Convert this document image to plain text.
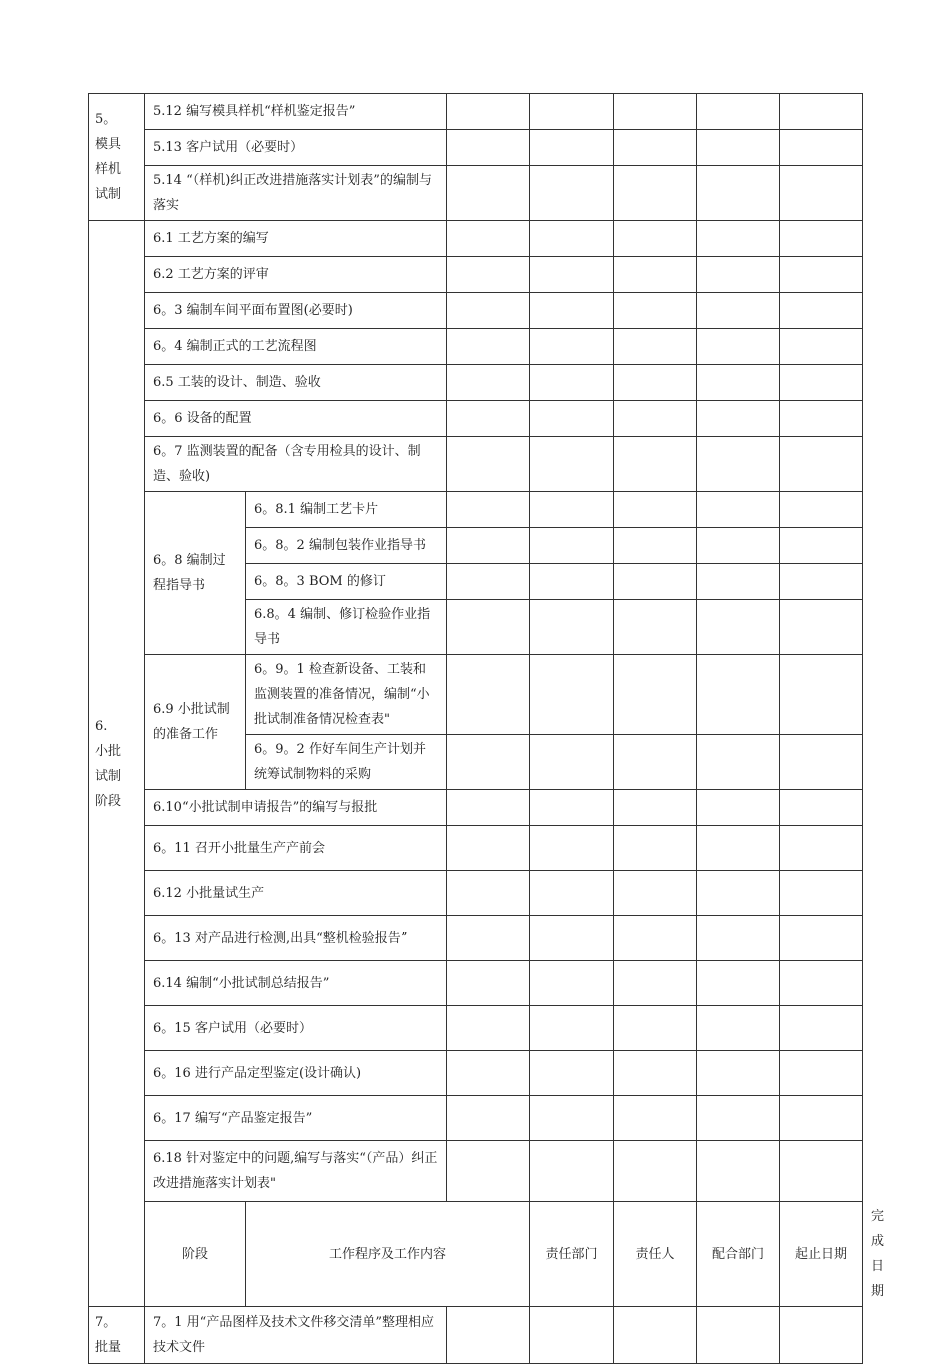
5。
模具
样机
试制	5.12 编写模具样机“样机鉴定报告”							
	5.13 客户试用（必要时）							
	5.14 “（样机)纠正改进措施落实计划表”的编制与落实							

6.
小批
试制
阶段	6.1 工艺方案的编写							
	6.2 工艺方案的评审							
	6。3 编制车间平面布置图(必要时)							
	6。4 编制正式的工艺流程图							
	6.5 工装的设计、制造、验收							
	6。6 设备的配置							
	6。7 监测装置的配备（含专用检具的设计、制造、验收)							
	6。8 编制过程指导书	6。8.1 编制工艺卡片						
		6。8。2 编制包装作业指导书						
		6。8。3 BOM 的修订						
		6.8。4 编制、修订检验作业指导书						
	6.9 小批试制的准备工作	6。9。1 检查新设备、工装和监测装置的准备情况，编制“小批试制准备情况检查表"						
		6。9。2 作好车间生产计划并统筹试制物料的采购						
	6.10“小批试制申请报告”的编写与报批							
	6。11 召开小批量生产产前会							
	6.12 小批量试生产							
	6。13 对产品进行检测,出具“整机检验报告ˮ							
	6.14 编制“小批试制总结报告”							
	6。15 客户试用（必要时）							
	6。16 进行产品定型鉴定(设计确认)							
	6。17 编写“产品鉴定报告”							
	6.18 针对鉴定中的问题,编写与落实“（产品）纠正改进措施落实计划表"							
	阶段	工作程序及工作内容		责任部门	责任人	配合部门	起止日期	完成日期

7。
批量	7。1 用“产品图样及技术文件移交清单”整理相应技术文件							
